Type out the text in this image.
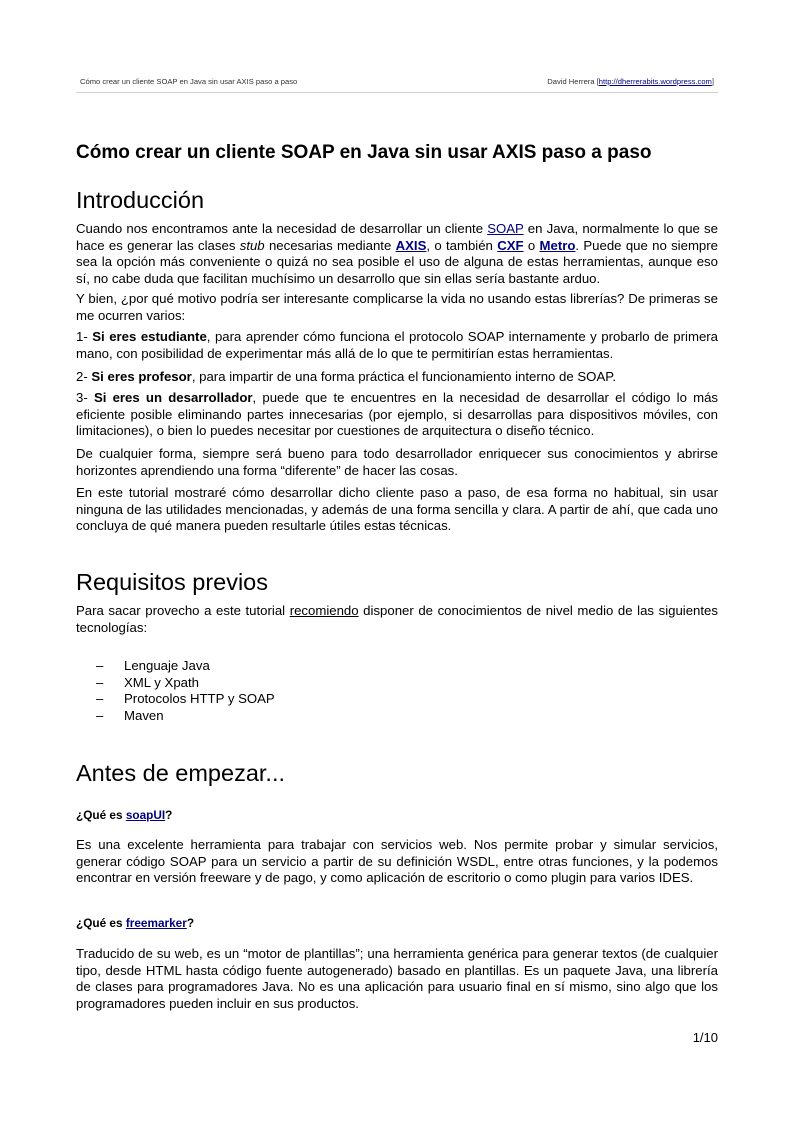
Cómo crear un cliente SOAP en Java sin usar AXIS paso a paso	David Herrera [http://dherrerabits.wordpress.com]
Cómo crear un cliente SOAP en Java sin usar AXIS paso a paso
Introducción

Cuando nos encontramos ante la necesidad de desarrollar un cliente SOAP en Java, normalmente lo que se hace es generar las clases stub necesarias mediante AXIS, o también CXF o Metro. Puede que no siempre sea la opción más conveniente o quizá no sea posible el uso de alguna de estas herramientas, aunque eso sí, no cabe duda que facilitan muchísimo un desarrollo que sin ellas sería bastante arduo.

Y bien, ¿por qué motivo podría ser interesante complicarse la vida no usando estas librerías? De primeras se me ocurren varios:

1- Si eres estudiante, para aprender cómo funciona el protocolo SOAP internamente y probarlo de primera mano, con posibilidad de experimentar más allá de lo que te permitirían estas herramientas.

2- Si eres profesor, para impartir de una forma práctica el funcionamiento interno de SOAP.

3- Si eres un desarrollador, puede que te encuentres en la necesidad de desarrollar el código lo más eficiente posible eliminando partes innecesarias (por ejemplo, si desarrollas para dispositivos móviles, con limitaciones), o bien lo puedes necesitar por cuestiones de arquitectura o diseño técnico.

De cualquier forma, siempre será bueno para todo desarrollador enriquecer sus conocimientos y abrirse horizontes aprendiendo una forma “diferente” de hacer las cosas.

En este tutorial mostraré cómo desarrollar dicho cliente paso a paso, de esa forma no habitual, sin usar ninguna de las utilidades mencionadas, y además de una forma sencilla y clara. A partir de ahí, que cada uno concluya de qué manera pueden resultarle útiles estas técnicas.

Requisitos previos

Para sacar provecho a este tutorial recomiendo disponer de conocimientos de nivel medio de las siguientes tecnologías:

– Lenguaje Java
– XML y Xpath
– Protocolos HTTP y SOAP
– Maven
Antes de empezar...

¿Qué es soapUI?

Es una excelente herramienta para trabajar con servicios web. Nos permite probar y simular servicios, generar código SOAP para un servicio a partir de su definición WSDL, entre otras funciones, y la podemos encontrar en versión freeware y de pago, y como aplicación de escritorio o como plugin para varios IDES.

¿Qué es freemarker?

Traducido de su web, es un “motor de plantillas”; una herramienta genérica para generar textos (de cualquier tipo, desde HTML hasta código fuente autogenerado) basado en plantillas. Es un paquete Java, una librería de clases para programadores Java. No es una aplicación para usuario final en sí mismo, sino algo que los programadores pueden incluir en sus productos.

1/10
